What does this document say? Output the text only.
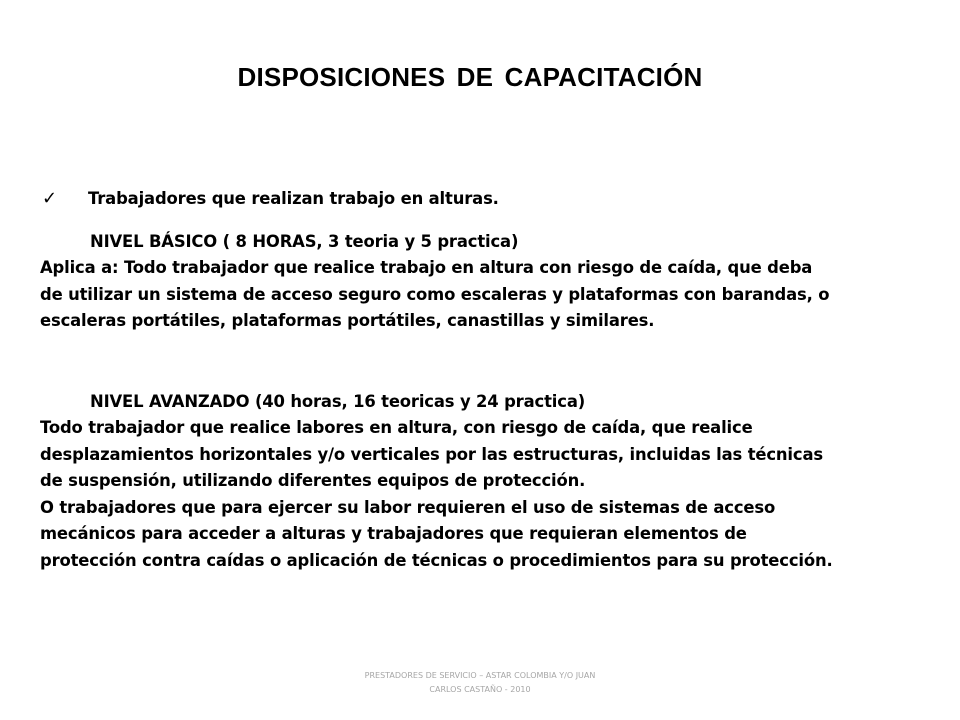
DISPOSICIONES DE CAPACITACIÓN
✓ Trabajadores que realizan trabajo en alturas.
NIVEL BÁSICO ( 8 HORAS, 3 teoria y 5 practica)
Aplica a: Todo trabajador que realice trabajo en altura con riesgo de caída, que deba
de utilizar un sistema de acceso seguro como escaleras y plataformas con barandas, o
escaleras portátiles, plataformas portátiles, canastillas y similares.
NIVEL AVANZADO (40 horas, 16 teoricas y 24 practica)
Todo trabajador que realice labores en altura, con riesgo de caída, que realice
desplazamientos horizontales y/o verticales por las estructuras, incluidas las técnicas
de suspensión, utilizando diferentes equipos de protección.
O trabajadores que para ejercer su labor requieren el uso de sistemas de acceso
mecánicos para acceder a alturas y trabajadores que requieran elementos de
protección contra caídas o aplicación de técnicas o procedimientos para su protección.
PRESTADORES DE SERVICIO – ASTAR COLOMBIA Y/O JUAN
CARLOS CASTAÑO - 2010
